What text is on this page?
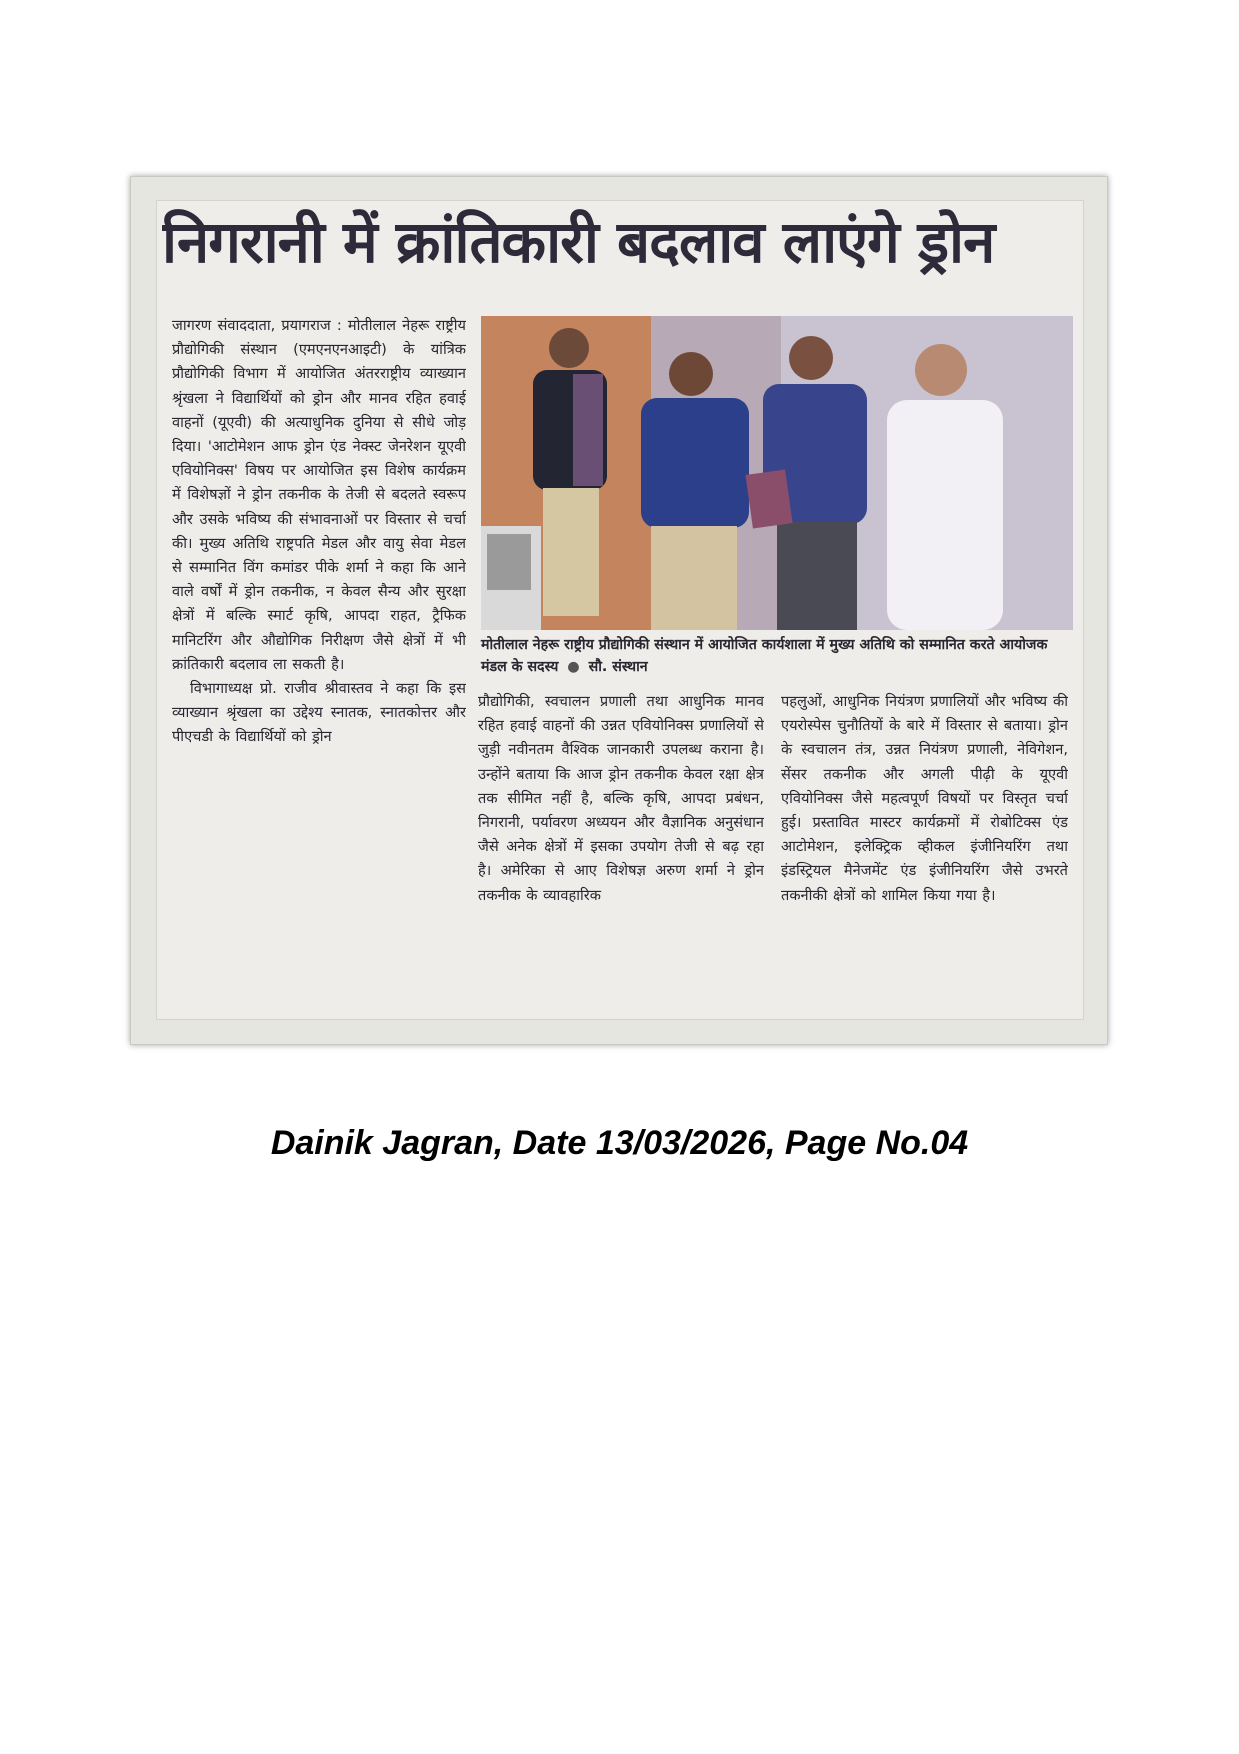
निगरानी में क्रांतिकारी बदलाव लाएंगे ड्रोन

जागरण संवाददाता, प्रयागराज : मोतीलाल नेहरू राष्ट्रीय प्रौद्योगिकी संस्थान (एमएनएनआइटी) के यांत्रिक प्रौद्योगिकी विभाग में आयोजित अंतरराष्ट्रीय व्याख्यान श्रृंखला ने विद्यार्थियों को ड्रोन और मानव रहित हवाई वाहनों (यूएवी) की अत्याधुनिक दुनिया से सीधे जोड़ दिया। 'आटोमेशन आफ ड्रोन एंड नेक्स्ट जेनरेशन यूएवी एवियोनिक्स' विषय पर आयोजित इस विशेष कार्यक्रम में विशेषज्ञों ने ड्रोन तकनीक के तेजी से बदलते स्वरूप और उसके भविष्य की संभावनाओं पर विस्तार से चर्चा की। मुख्य अतिथि राष्ट्रपति मेडल और वायु सेवा मेडल से सम्मानित विंग कमांडर पीके शर्मा ने कहा कि आने वाले वर्षों में ड्रोन तकनीक, न केवल सैन्य और सुरक्षा क्षेत्रों में बल्कि स्मार्ट कृषि, आपदा राहत, ट्रैफिक मानिटरिंग और औद्योगिक निरीक्षण जैसे क्षेत्रों में भी क्रांतिकारी बदलाव ला सकती है।

विभागाध्यक्ष प्रो. राजीव श्रीवास्तव ने कहा कि इस व्याख्यान श्रृंखला का उद्देश्य स्नातक, स्नातकोत्तर और पीएचडी के विद्यार्थियों को ड्रोन

मोतीलाल नेहरू राष्ट्रीय प्रौद्योगिकी संस्थान में आयोजित कार्यशाला में मुख्य अतिथि को सम्मानित करते आयोजक मंडल के सदस्य ● सौ. संस्थान

प्रौद्योगिकी, स्वचालन प्रणाली तथा आधुनिक मानव रहित हवाई वाहनों की उन्नत एवियोनिक्स प्रणालियों से जुड़ी नवीनतम वैश्विक जानकारी उपलब्ध कराना है। उन्होंने बताया कि आज ड्रोन तकनीक केवल रक्षा क्षेत्र तक सीमित नहीं है, बल्कि कृषि, आपदा प्रबंधन, निगरानी, पर्यावरण अध्ययन और वैज्ञानिक अनुसंधान जैसे अनेक क्षेत्रों में इसका उपयोग तेजी से बढ़ रहा है। अमेरिका से आए विशेषज्ञ अरुण शर्मा ने ड्रोन तकनीक के व्यावहारिक

पहलुओं, आधुनिक नियंत्रण प्रणालियों और भविष्य की एयरोस्पेस चुनौतियों के बारे में विस्तार से बताया। ड्रोन के स्वचालन तंत्र, उन्नत नियंत्रण प्रणाली, नेविगेशन, सेंसर तकनीक और अगली पीढ़ी के यूएवी एवियोनिक्स जैसे महत्वपूर्ण विषयों पर विस्तृत चर्चा हुई। प्रस्तावित मास्टर कार्यक्रमों में रोबोटिक्स एंड आटोमेशन, इलेक्ट्रिक व्हीकल इंजीनियरिंग तथा इंडस्ट्रियल मैनेजमेंट एंड इंजीनियरिंग जैसे उभरते तकनीकी क्षेत्रों को शामिल किया गया है।

Dainik Jagran, Date 13/03/2026, Page No.04
